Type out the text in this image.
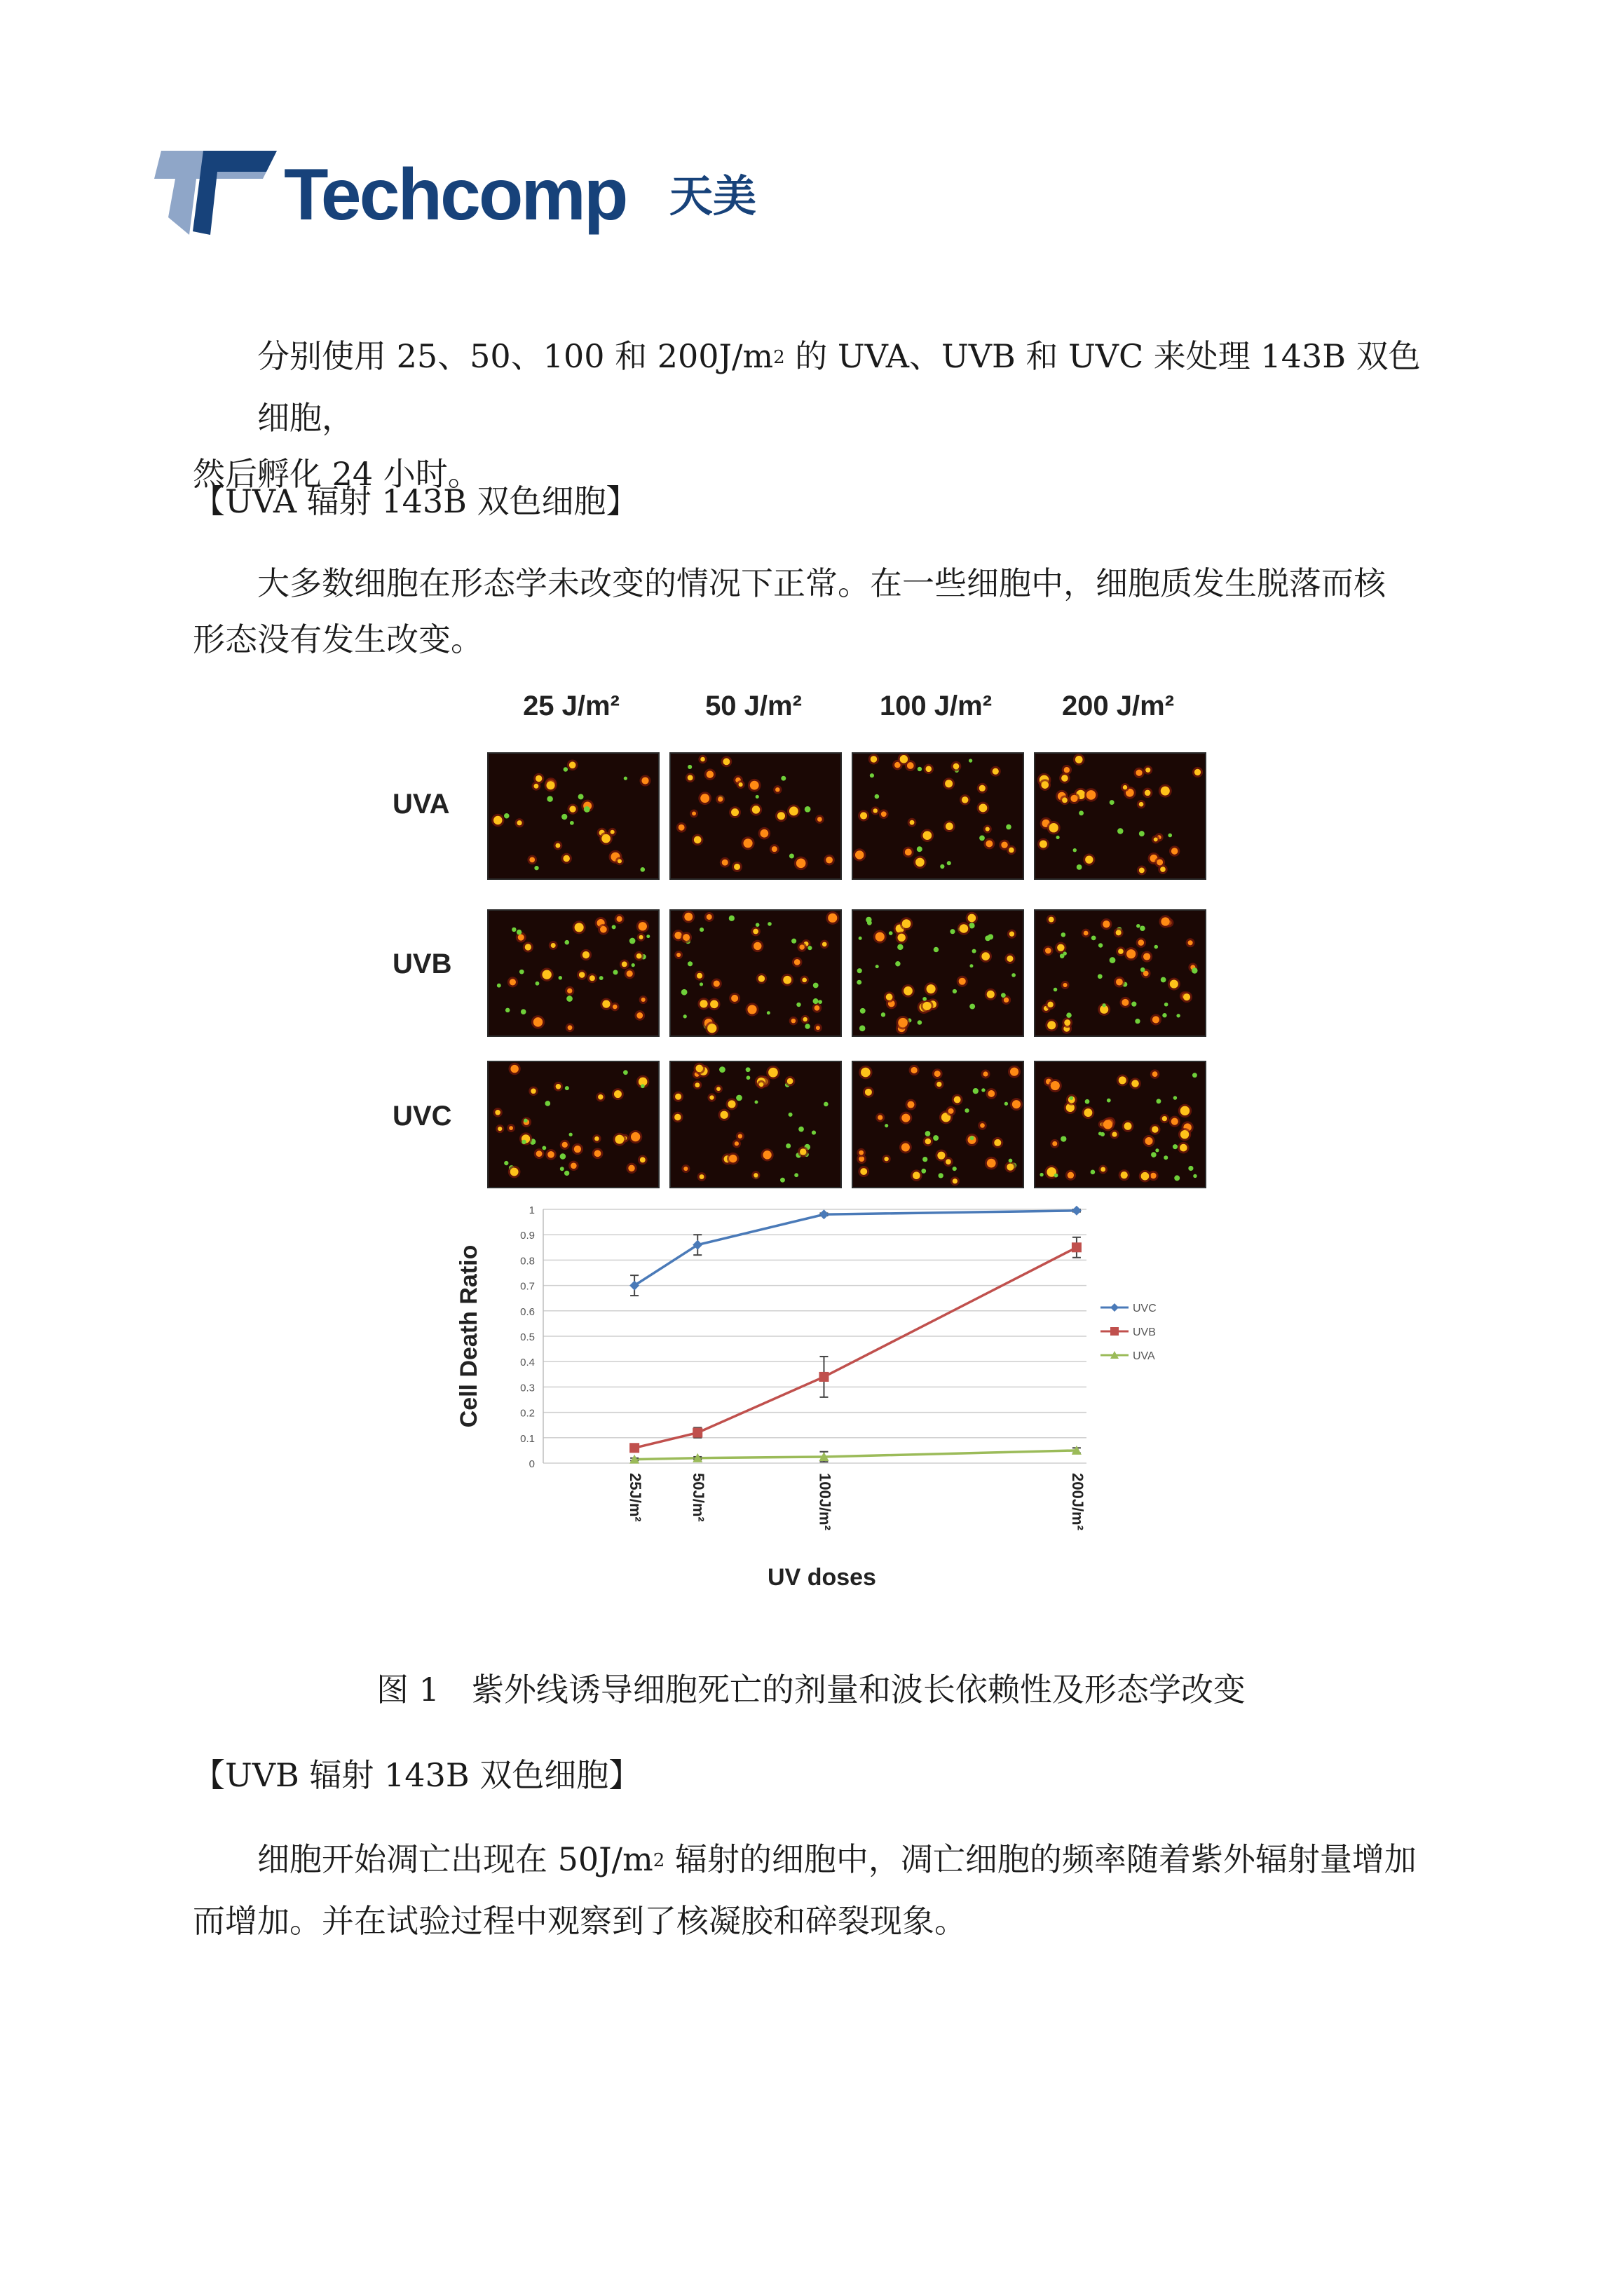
Techcomp 天美
分别使用 25、50、100 和 $200J/m^2$ 的 UVA、UVB 和 UVC 来处理 143B 双色细胞，
然后孵化 24 小时。
【UVA 辐射 143B 双色细胞】
大多数细胞在形态学未改变的情况下正常。在一些细胞中，细胞质发生脱落而核
形态没有发生改变。
25 J/m²	50 J/m²	100 J/m²	200 J/m²
UVA
UVB
UVC
0
0.1
0.2
0.3
0.4
0.5
0.6
0.7
0.8
0.9
1
Cell Death Ratio
25J/m²	50J/m²	100J/m²	200J/m²
UV doses
UVC
UVB
UVA
图 1　紫外线诱导细胞死亡的剂量和波长依赖性及形态学改变
【UVB 辐射 143B 双色细胞】
细胞开始凋亡出现在 $50J/m^2$ 辐射的细胞中，凋亡细胞的频率随着紫外辐射量增加
而增加。并在试验过程中观察到了核凝胶和碎裂现象。
